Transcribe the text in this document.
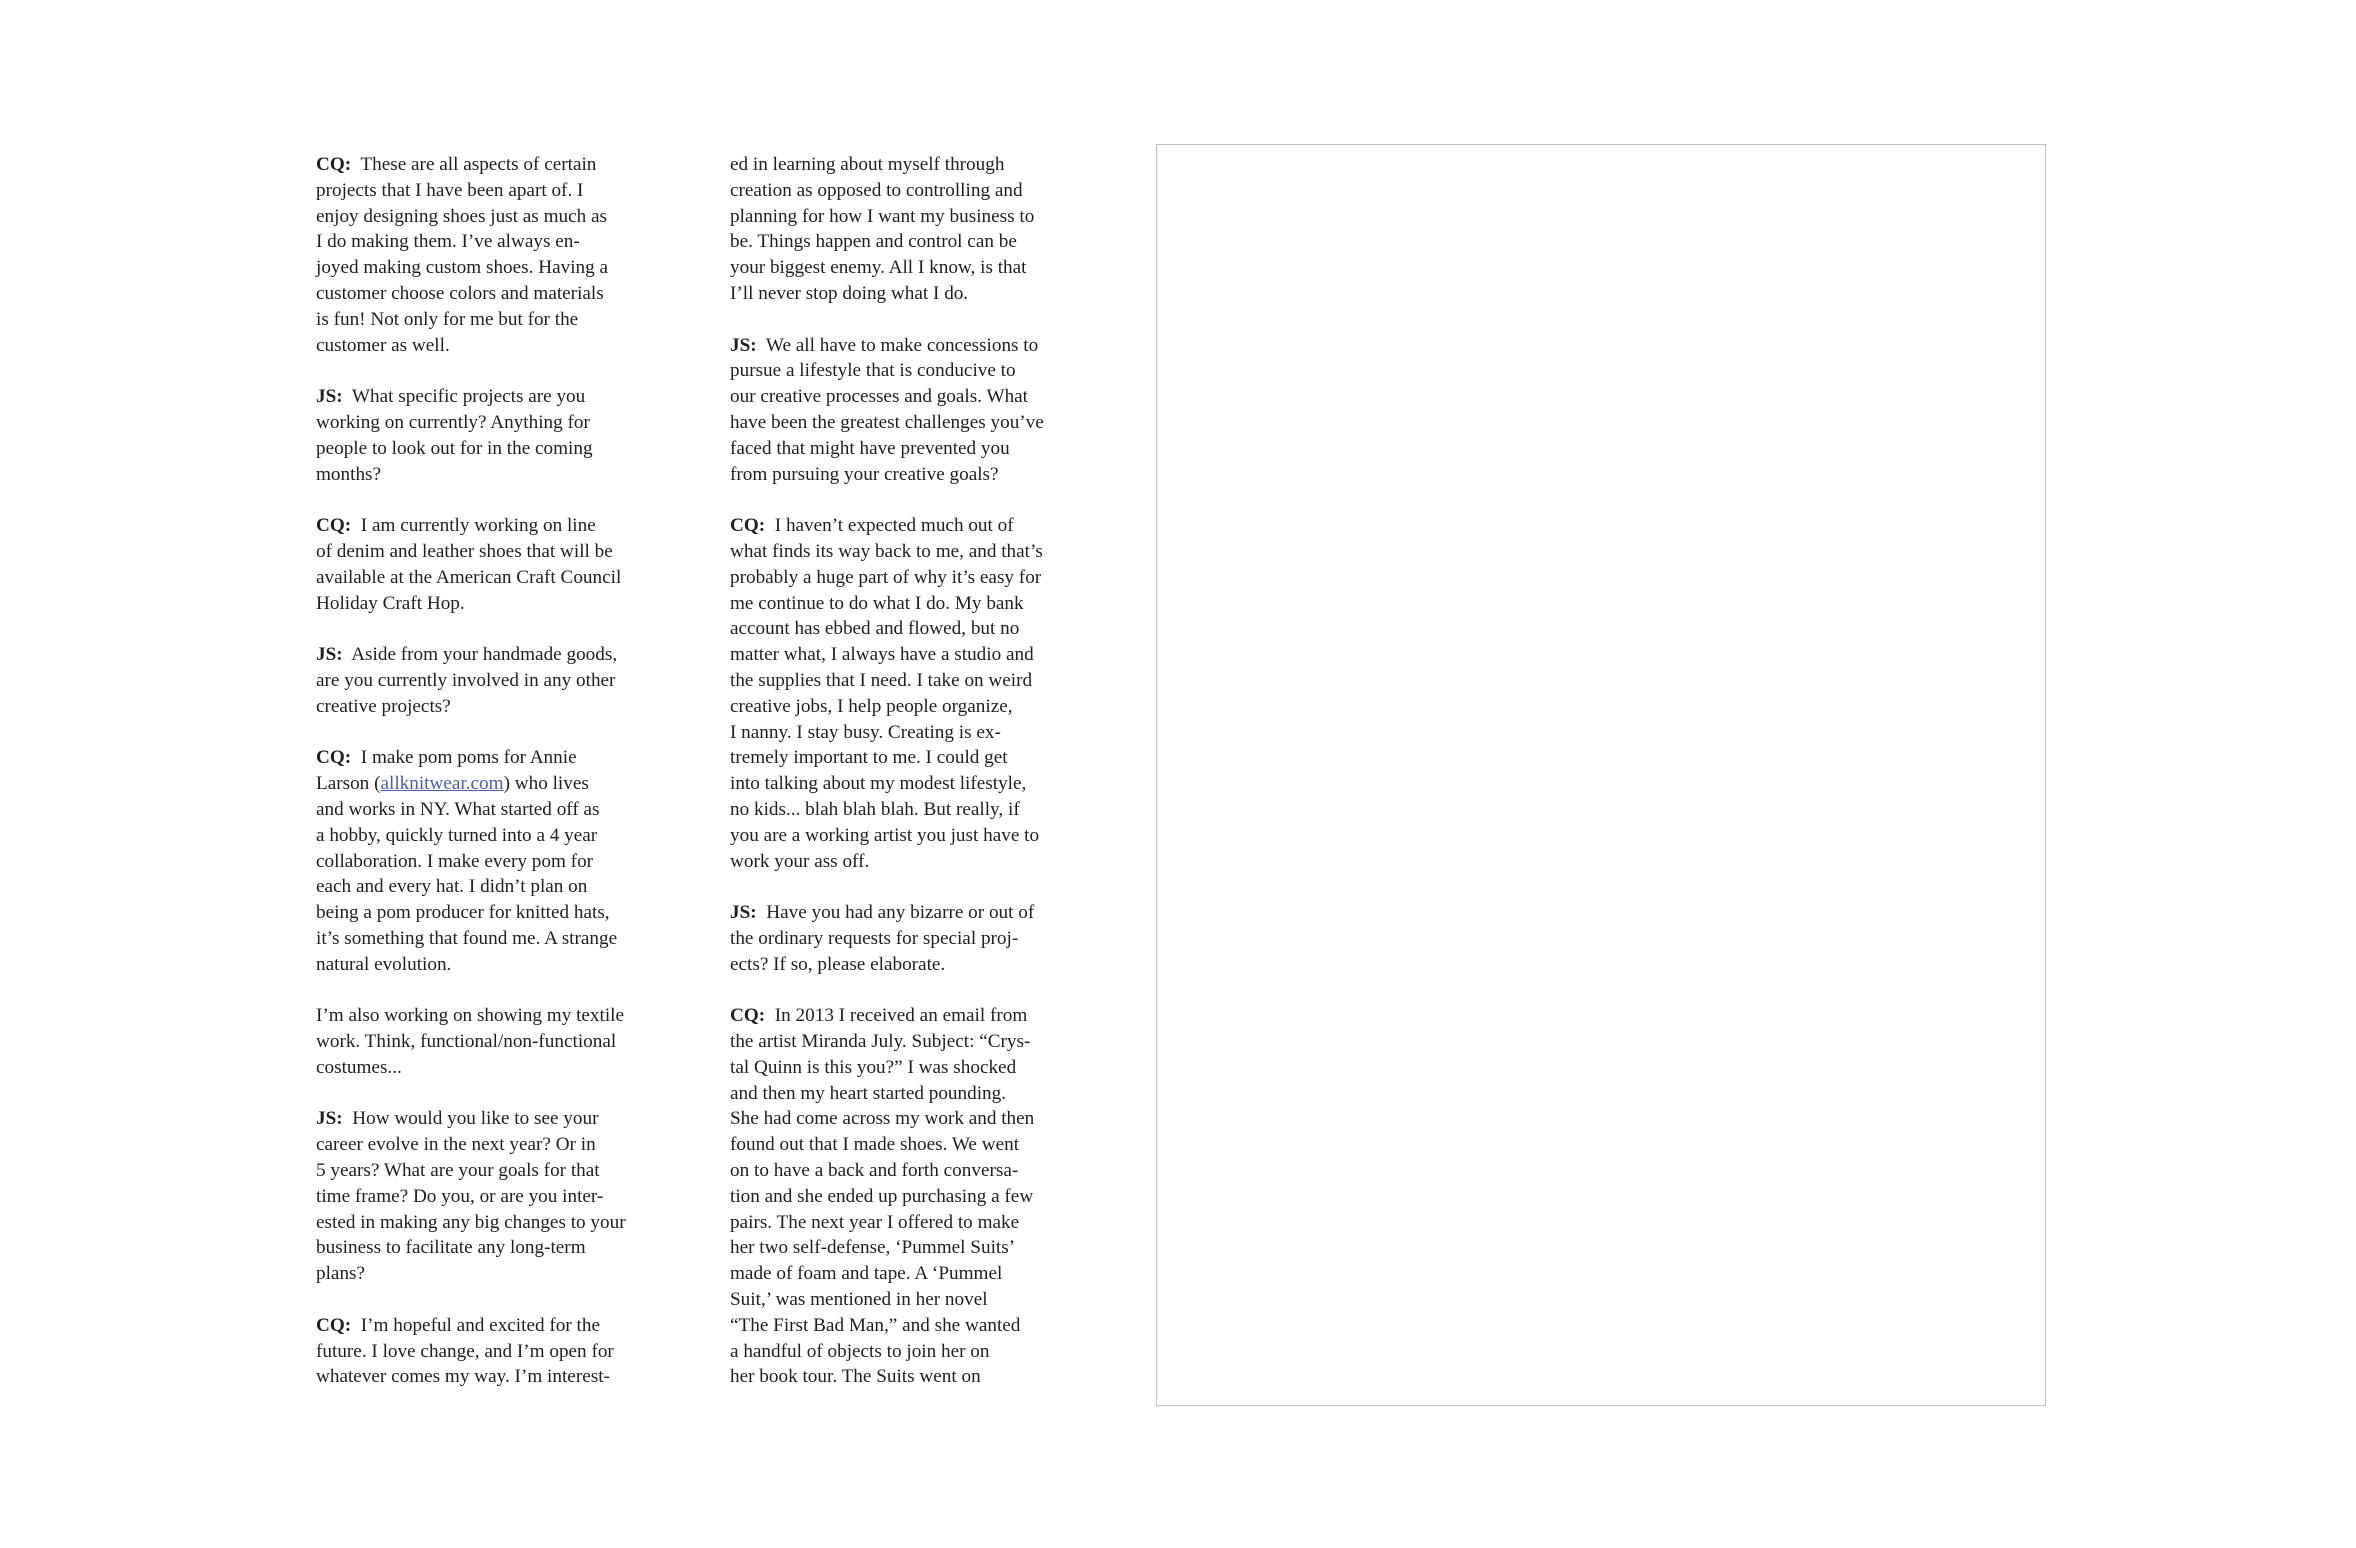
CQ: These are all aspects of certain
projects that I have been apart of. I
enjoy designing shoes just as much as
I do making them. I’ve always en-
joyed making custom shoes. Having a
customer choose colors and materials
is fun! Not only for me but for the
customer as well.

JS: What specific projects are you
working on currently? Anything for
people to look out for in the coming
months?

CQ: I am currently working on line
of denim and leather shoes that will be
available at the American Craft Council
Holiday Craft Hop.

JS: Aside from your handmade goods,
are you currently involved in any other
creative projects?

CQ: I make pom poms for Annie
Larson (allknitwear.com) who lives
and works in NY. What started off as
a hobby, quickly turned into a 4 year
collaboration. I make every pom for
each and every hat. I didn’t plan on
being a pom producer for knitted hats,
it’s something that found me. A strange
natural evolution.

I’m also working on showing my textile
work. Think, functional/non-functional
costumes...

JS: How would you like to see your
career evolve in the next year? Or in
5 years? What are your goals for that
time frame? Do you, or are you inter-
ested in making any big changes to your
business to facilitate any long-term
plans?

CQ: I’m hopeful and excited for the
future. I love change, and I’m open for
whatever comes my way. I’m interest-

ed in learning about myself through
creation as opposed to controlling and
planning for how I want my business to
be. Things happen and control can be
your biggest enemy. All I know, is that
I’ll never stop doing what I do.

JS: We all have to make concessions to
pursue a lifestyle that is conducive to
our creative processes and goals. What
have been the greatest challenges you’ve
faced that might have prevented you
from pursuing your creative goals?

CQ: I haven’t expected much out of
what finds its way back to me, and that’s
probably a huge part of why it’s easy for
me continue to do what I do. My bank
account has ebbed and flowed, but no
matter what, I always have a studio and
the supplies that I need. I take on weird
creative jobs, I help people organize,
I nanny. I stay busy. Creating is ex-
tremely important to me. I could get
into talking about my modest lifestyle,
no kids... blah blah blah. But really, if
you are a working artist you just have to
work your ass off.

JS: Have you had any bizarre or out of
the ordinary requests for special proj-
ects? If so, please elaborate.

CQ: In 2013 I received an email from
the artist Miranda July. Subject: “Crys-
tal Quinn is this you?” I was shocked
and then my heart started pounding.
She had come across my work and then
found out that I made shoes. We went
on to have a back and forth conversa-
tion and she ended up purchasing a few
pairs. The next year I offered to make
her two self-defense, ‘Pummel Suits’
made of foam and tape. A ‘Pummel
Suit,’ was mentioned in her novel
“The First Bad Man,” and she wanted
a handful of objects to join her on
her book tour. The Suits went on
